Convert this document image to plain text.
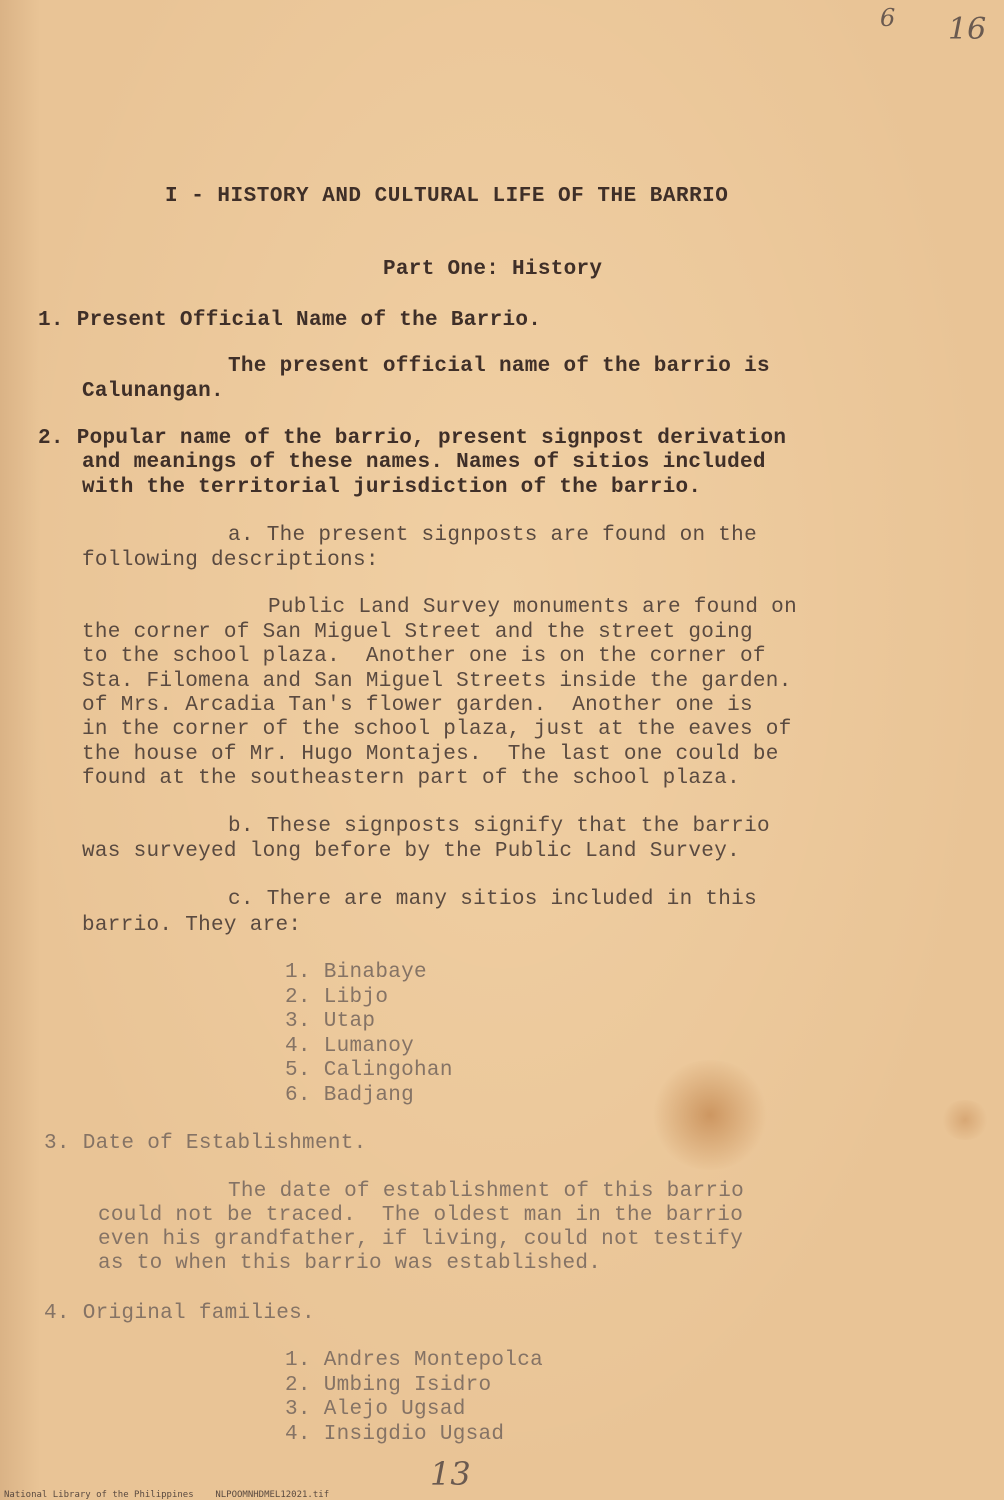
6 16
I - HISTORY AND CULTURAL LIFE OF THE BARRIO
Part One: History
1. Present Official Name of the Barrio.
The present official name of the barrio is
Calunangan.
2. Popular name of the barrio, present signpost derivation
and meanings of these names. Names of sitios included
with the territorial jurisdiction of the barrio.
a. The present signposts are found on the
following descriptions:
Public Land Survey monuments are found on
the corner of San Miguel Street and the street going
to the school plaza.  Another one is on the corner of
Sta. Filomena and San Miguel Streets inside the garden.
of Mrs. Arcadia Tan's flower garden.  Another one is
in the corner of the school plaza, just at the eaves of
the house of Mr. Hugo Montajes.  The last one could be
found at the southeastern part of the school plaza.
b. These signposts signify that the barrio
was surveyed long before by the Public Land Survey.
c. There are many sitios included in this
barrio. They are:
1. Binabaye
2. Libjo
3. Utap
4. Lumanoy
5. Calingohan
6. Badjang
3. Date of Establishment.
The date of establishment of this barrio
could not be traced.  The oldest man in the barrio
even his grandfather, if living, could not testify
as to when this barrio was established.
4. Original families.
1. Andres Montepolca
2. Umbing Isidro
3. Alejo Ugsad
4. Insigdio Ugsad
13
National Library of the Philippines    NLPOOMNHDMEL12021.tif
